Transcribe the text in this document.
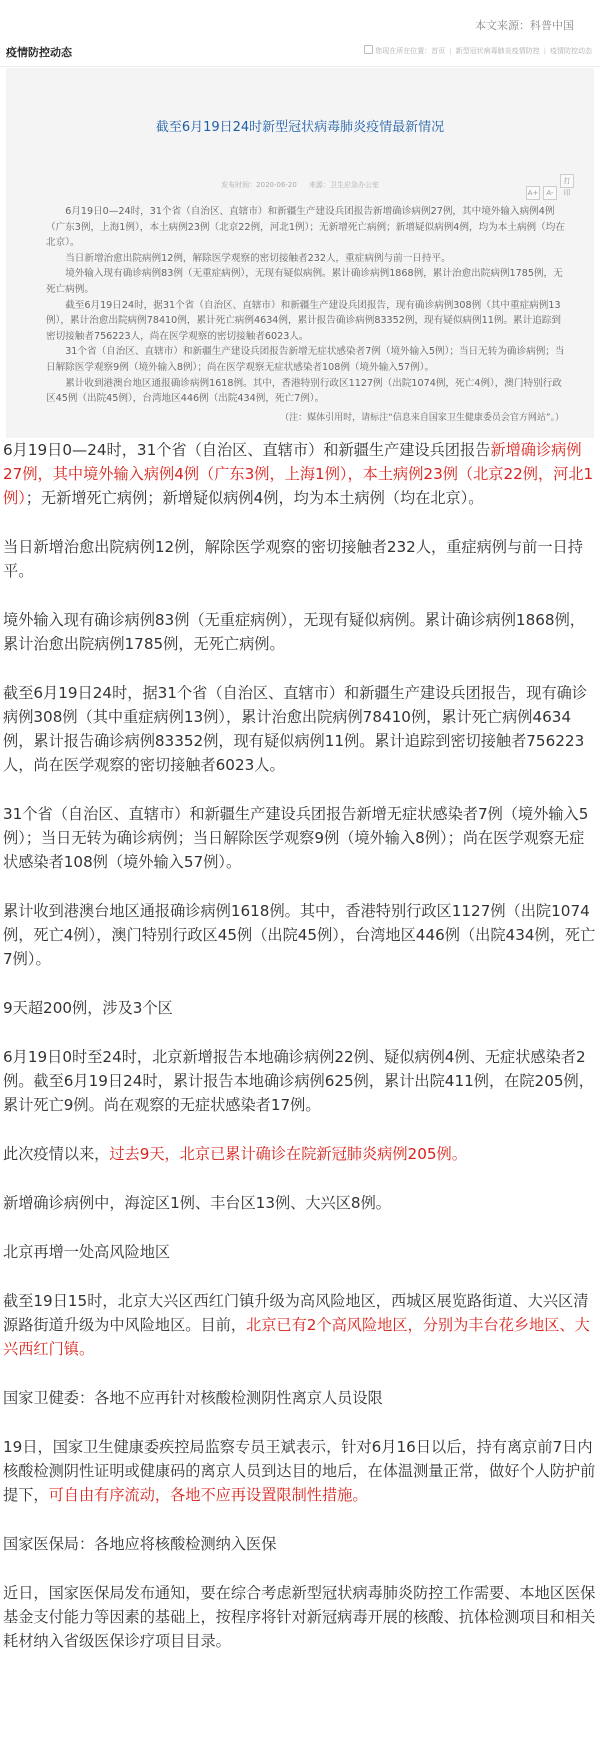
本文来源：科普中国
疫情防控动态	您现在所在位置：首页 | 新型冠状病毒肺炎疫情防控 | 疫情防控动态
截至6月19日24时新型冠状病毒肺炎疫情最新情况
发布时间：2020-06-20 来源：卫生应急办公室
A+ A-打印

6月19日0—24时，31个省（自治区、直辖市）和新疆生产建设兵团报告新增确诊病例27例，其中境外输入病例4例（广东3例，上海1例），本土病例23例（北京22例，河北1例）；无新增死亡病例；新增疑似病例4例，均为本土病例（均在北京）。

当日新增治愈出院病例12例，解除医学观察的密切接触者232人，重症病例与前一日持平。

境外输入现有确诊病例83例（无重症病例），无现有疑似病例。累计确诊病例1868例，累计治愈出院病例1785例，无死亡病例。

截至6月19日24时，据31个省（自治区、直辖市）和新疆生产建设兵团报告，现有确诊病例308例（其中重症病例13例），累计治愈出院病例78410例，累计死亡病例4634例，累计报告确诊病例83352例，现有疑似病例11例。累计追踪到密切接触者756223人，尚在医学观察的密切接触者6023人。

31个省（自治区、直辖市）和新疆生产建设兵团报告新增无症状感染者7例（境外输入5例）；当日无转为确诊病例；当日解除医学观察9例（境外输入8例）；尚在医学观察无症状感染者108例（境外输入57例）。

累计收到港澳台地区通报确诊病例1618例。其中，香港特别行政区1127例（出院1074例，死亡4例），澳门特别行政区45例（出院45例），台湾地区446例（出院434例，死亡7例）。

（注：媒体引用时，请标注“信息来自国家卫生健康委员会官方网站”。）

6月19日0—24时，31个省（自治区、直辖市）和新疆生产建设兵团报告新增确诊病例27例，其中境外输入病例4例（广东3例，上海1例），本土病例23例（北京22例，河北1例）；无新增死亡病例；新增疑似病例4例，均为本土病例（均在北京）。

当日新增治愈出院病例12例，解除医学观察的密切接触者232人，重症病例与前一日持平。

境外输入现有确诊病例83例（无重症病例），无现有疑似病例。累计确诊病例1868例，累计治愈出院病例1785例，无死亡病例。

截至6月19日24时，据31个省（自治区、直辖市）和新疆生产建设兵团报告，现有确诊病例308例（其中重症病例13例），累计治愈出院病例78410例，累计死亡病例4634例，累计报告确诊病例83352例，现有疑似病例11例。累计追踪到密切接触者756223人，尚在医学观察的密切接触者6023人。

31个省（自治区、直辖市）和新疆生产建设兵团报告新增无症状感染者7例（境外输入5例）；当日无转为确诊病例；当日解除医学观察9例（境外输入8例）；尚在医学观察无症状感染者108例（境外输入57例）。

累计收到港澳台地区通报确诊病例1618例。其中，香港特别行政区1127例（出院1074例，死亡4例），澳门特别行政区45例（出院45例），台湾地区446例（出院434例，死亡7例）。

9天超200例，涉及3个区

6月19日0时至24时，北京新增报告本地确诊病例22例、疑似病例4例、无症状感染者2例。截至6月19日24时，累计报告本地确诊病例625例，累计出院411例，在院205例，累计死亡9例。尚在观察的无症状感染者17例。

此次疫情以来，过去9天，北京已累计确诊在院新冠肺炎病例205例。

新增确诊病例中，海淀区1例、丰台区13例、大兴区8例。

北京再增一处高风险地区

截至19日15时，北京大兴区西红门镇升级为高风险地区，西城区展览路街道、大兴区清源路街道升级为中风险地区。目前，北京已有2个高风险地区，分别为丰台花乡地区、大兴西红门镇。

国家卫健委：各地不应再针对核酸检测阴性离京人员设限

19日，国家卫生健康委疾控局监察专员王斌表示，针对6月16日以后，持有离京前7日内核酸检测阴性证明或健康码的离京人员到达目的地后，在体温测量正常，做好个人防护前提下，可自由有序流动，各地不应再设置限制性措施。

国家医保局：各地应将核酸检测纳入医保

近日，国家医保局发布通知，要在综合考虑新型冠状病毒肺炎防控工作需要、本地区医保基金支付能力等因素的基础上，按程序将针对新冠病毒开展的核酸、抗体检测项目和相关耗材纳入省级医保诊疗项目目录。
